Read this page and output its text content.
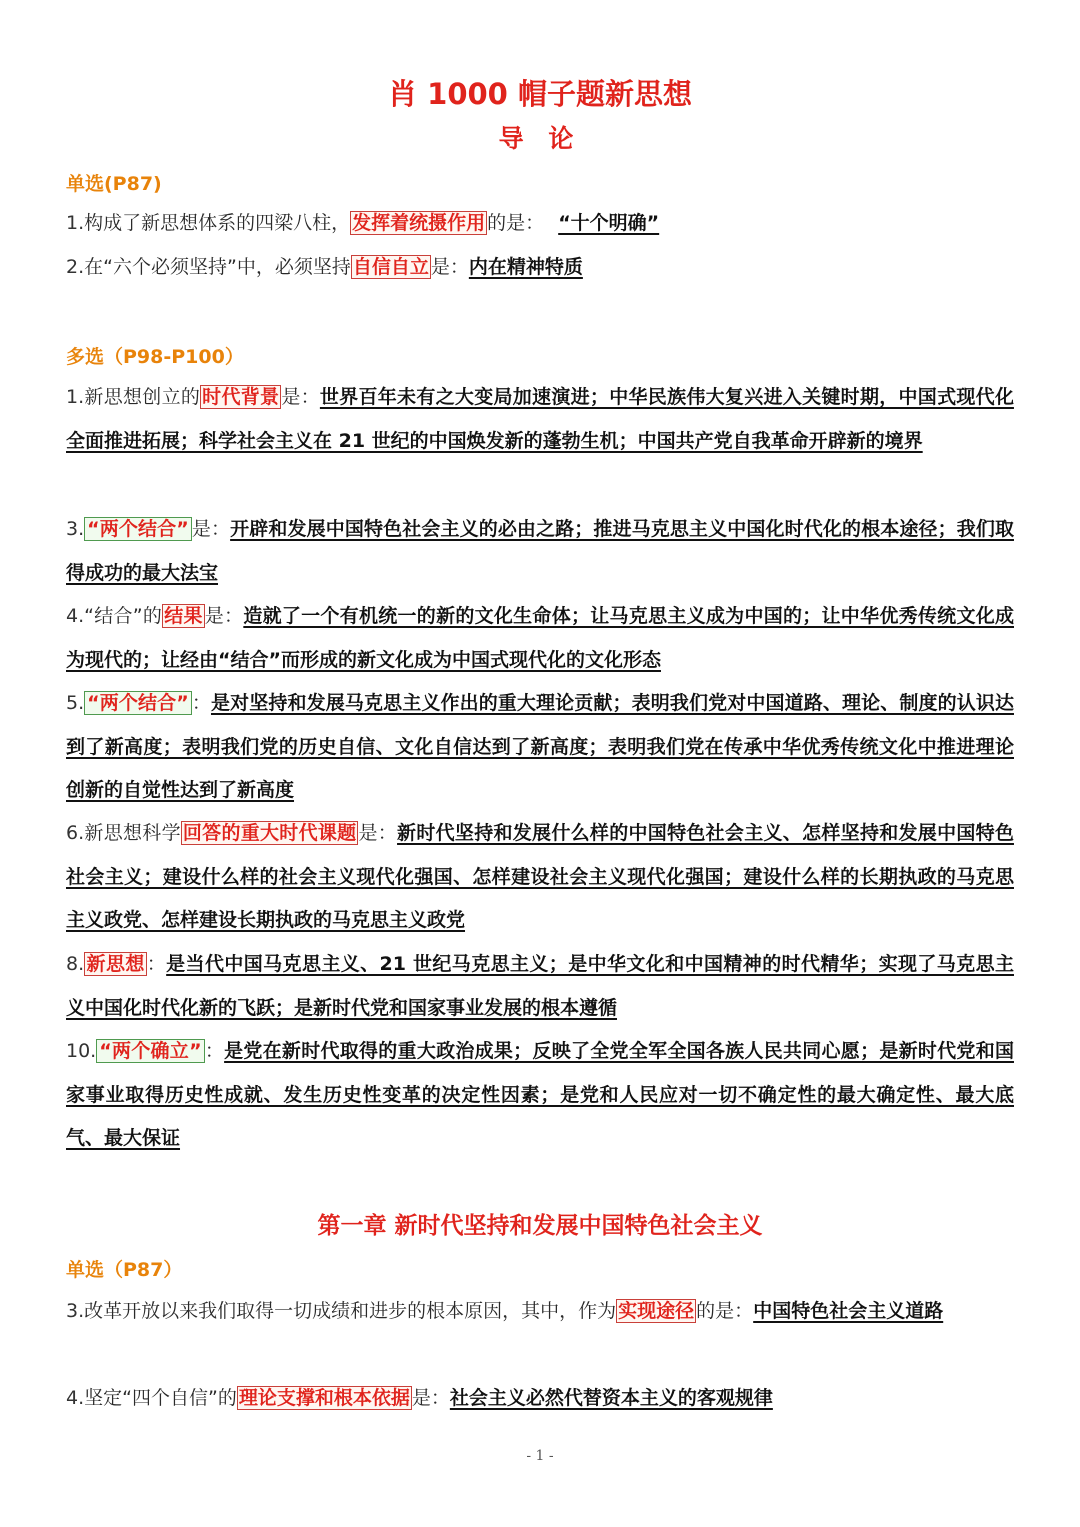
肖 1000 帽子题新思想
导 论
单选(P87)
1.构成了新思想体系的四梁八柱， 发挥着统摄作用 的是： “十个明确”
2.在“六个必须坚持”中，必须坚持 自信自立 是：内在精神特质
多选（P98-P100）
1.新思想创立的 时代背景 是：世界百年未有之大变局加速演进；中华民族伟大复兴进入关键时期，中国式现代化全面推进拓展；科学社会主义在 21 世纪的中国焕发新的蓬勃生机；中国共产党自我革命开辟新的境界
3. “两个结合” 是：开辟和发展中国特色社会主义的必由之路；推进马克思主义中国化时代化的根本途径；我们取得成功的最大法宝
4.“结合”的 结果 是：造就了一个有机统一的新的文化生命体；让马克思主义成为中国的；让中华优秀传统文化成为现代的；让经由“结合”而形成的新文化成为中国式现代化的文化形态
5. “两个结合” ：是对坚持和发展马克思主义作出的重大理论贡献；表明我们党对中国道路、理论、制度的认识达到了新高度；表明我们党的历史自信、文化自信达到了新高度；表明我们党在传承中华优秀传统文化中推进理论创新的自觉性达到了新高度
6.新思想科学 回答的重大时代课题 是：新时代坚持和发展什么样的中国特色社会主义、怎样坚持和发展中国特色社会主义；建设什么样的社会主义现代化强国、怎样建设社会主义现代化强国；建设什么样的长期执政的马克思主义政党、怎样建设长期执政的马克思主义政党
8. 新思想 ：是当代中国马克思主义、21 世纪马克思主义；是中华文化和中国精神的时代精华；实现了马克思主义中国化时代化新的飞跃；是新时代党和国家事业发展的根本遵循
10. “两个确立” ：是党在新时代取得的重大政治成果；反映了全党全军全国各族人民共同心愿；是新时代党和国家事业取得历史性成就、发生历史性变革的决定性因素；是党和人民应对一切不确定性的最大确定性、最大底气、最大保证
第一章 新时代坚持和发展中国特色社会主义
单选（P87）
3.改革开放以来我们取得一切成绩和进步的根本原因，其中，作为 实现途径 的是：中国特色社会主义道路
4.坚定“四个自信”的 理论支撑和根本依据 是：社会主义必然代替资本主义的客观规律
- 1 -
